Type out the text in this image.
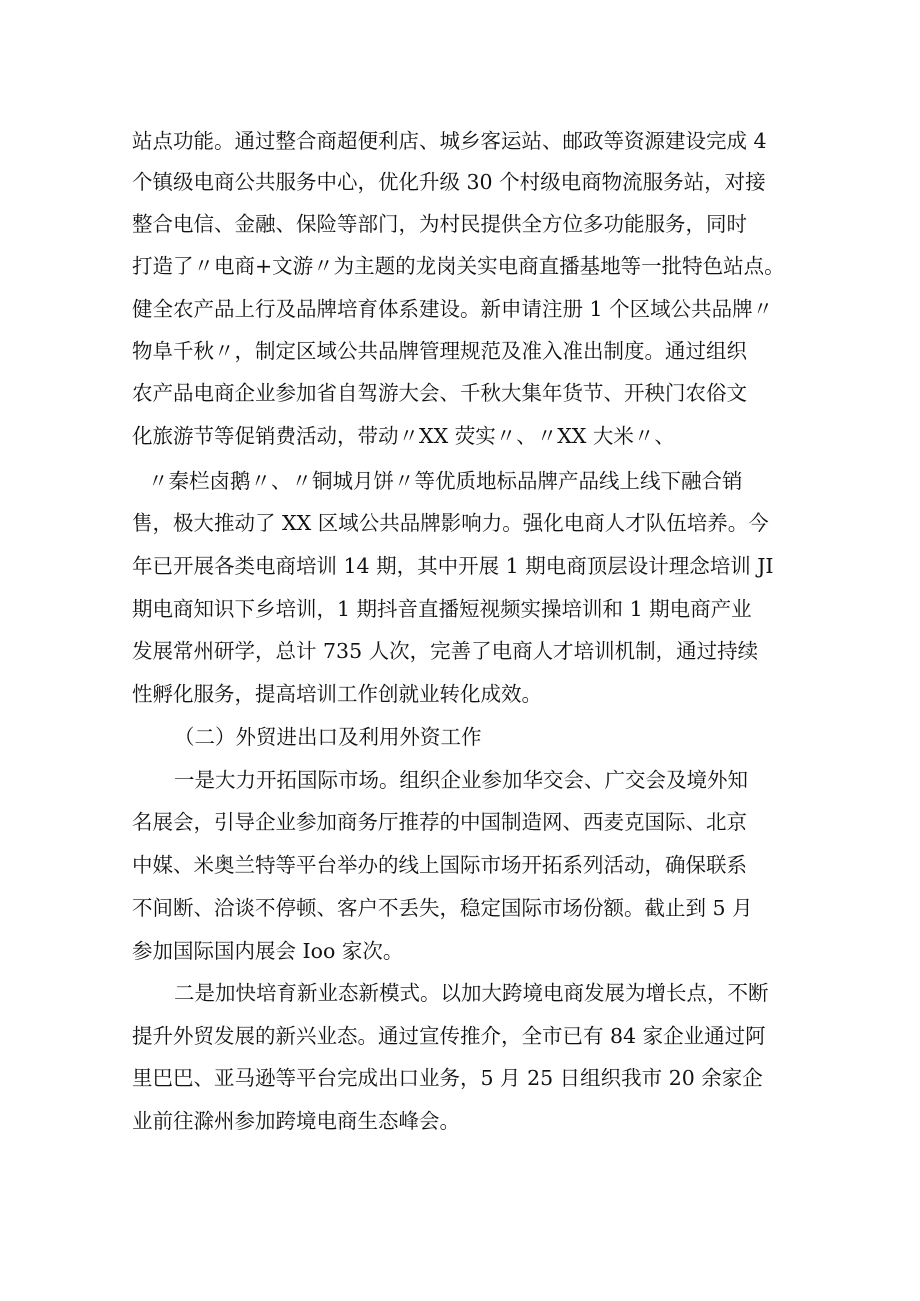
站点功能。通过整合商超便利店、城乡客运站、邮政等资源建设完成 4

个镇级电商公共服务中心，优化升级 30 个村级电商物流服务站，对接

整合电信、金融、保险等部门，为村民提供全方位多功能服务，同时

打造了〃电商+文游〃为主题的龙岗关实电商直播基地等一批特色站点。

健全农产品上行及品牌培育体系建设。新申请注册 1 个区域公共品牌〃

物阜千秋〃，制定区域公共品牌管理规范及准入准出制度。通过组织

农产品电商企业参加省自驾游大会、千秋大集年货节、开秧门农俗文

化旅游节等促销费活动，带动〃XX 荧实〃、〃XX 大米〃、

〃秦栏卤鹅〃、〃铜城月饼〃等优质地标品牌产品线上线下融合销

售，极大推动了 XX 区域公共品牌影响力。强化电商人才队伍培养。今

年已开展各类电商培训 14 期，其中开展 1 期电商顶层设计理念培训 JI

期电商知识下乡培训，1 期抖音直播短视频实操培训和 1 期电商产业

发展常州研学，总计 735 人次，完善了电商人才培训机制，通过持续

性孵化服务，提高培训工作创就业转化成效。

（二）外贸进出口及利用外资工作

一是大力开拓国际市场。组织企业参加华交会、广交会及境外知

名展会，引导企业参加商务厅推荐的中国制造网、西麦克国际、北京

中媒、米奥兰特等平台举办的线上国际市场开拓系列活动，确保联系

不间断、洽谈不停顿、客户不丢失，稳定国际市场份额。截止到 5 月

参加国际国内展会 Ioo 家次。

二是加快培育新业态新模式。以加大跨境电商发展为增长点，不断

提升外贸发展的新兴业态。通过宣传推介，全市已有 84 家企业通过阿

里巴巴、亚马逊等平台完成出口业务，5 月 25 日组织我市 20 余家企

业前往滁州参加跨境电商生态峰会。
